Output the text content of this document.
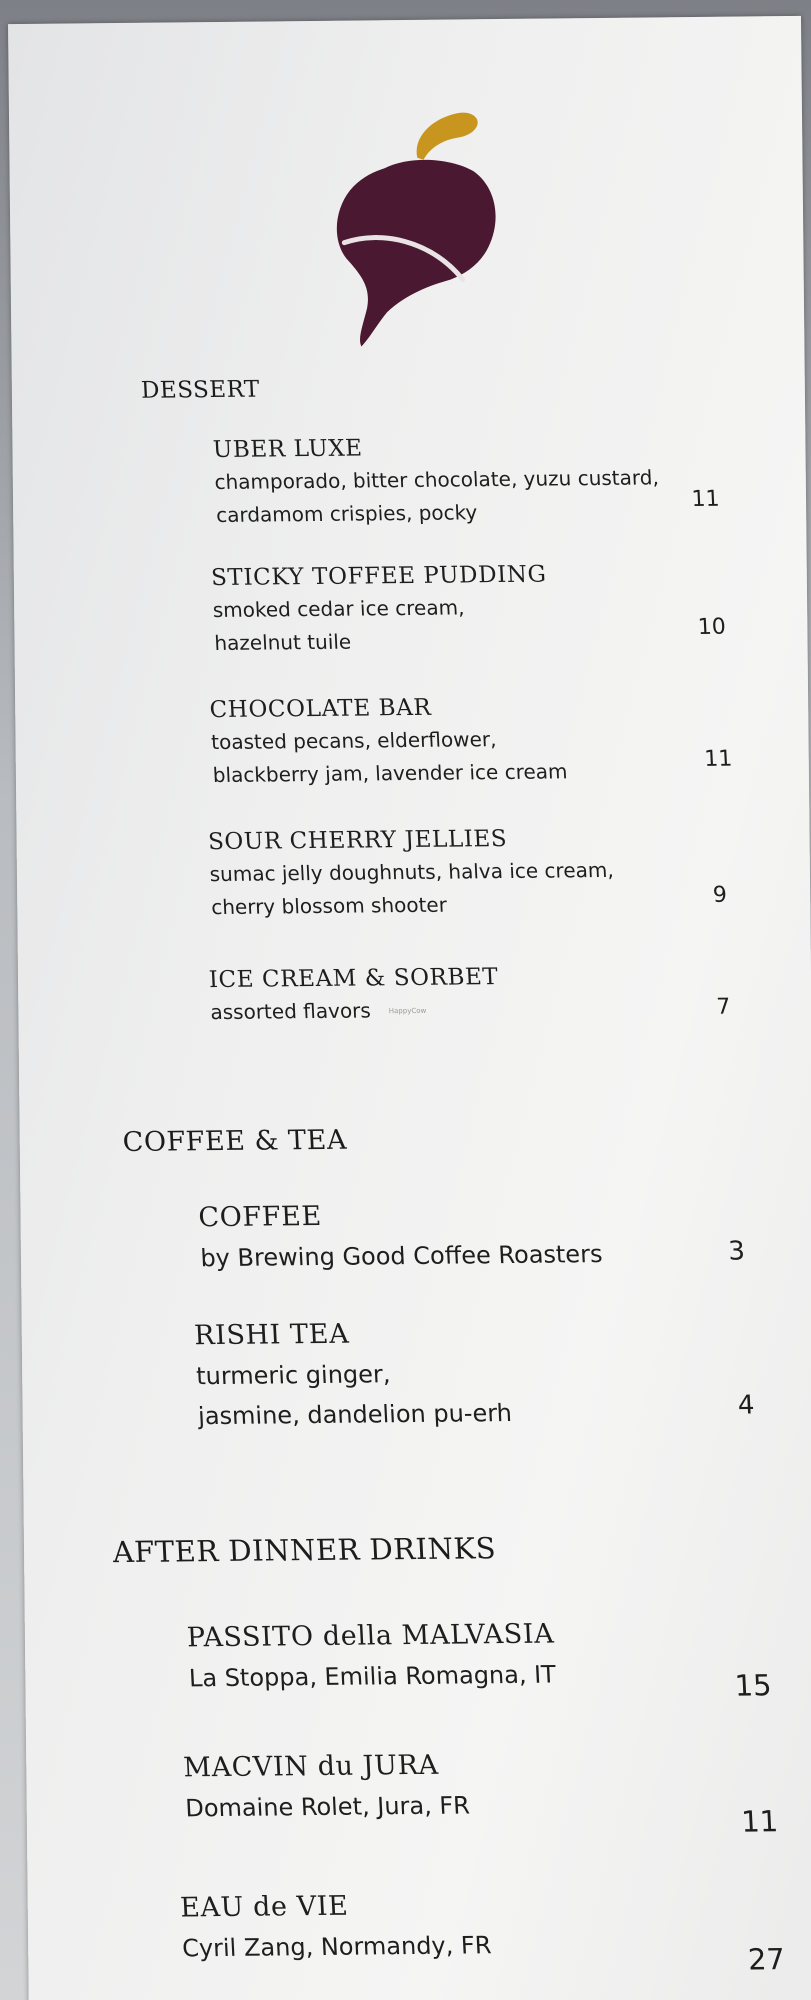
DESSERT
UBER LUXE
champorado, bitter chocolate, yuzu custard,
cardamom crispies, pocky
11
STICKY TOFFEE PUDDING
smoked cedar ice cream,
hazelnut tuile
10
CHOCOLATE BAR
toasted pecans, elderflower,
blackberry jam, lavender ice cream
11
SOUR CHERRY JELLIES
sumac jelly doughnuts, halva ice cream,
cherry blossom shooter	9
ICE CREAM & SORBET
assorted flavors HappyCow	7
COFFEE & TEA
COFFEE
by Brewing Good Coffee Roasters	3
RISHI TEA
turmeric ginger,
jasmine, dandelion pu-erh	4
AFTER DINNER DRINKS
PASSITO della MALVASIA
La Stoppa, Emilia Romagna, IT	15
MACVIN du JURA
Domaine Rolet, Jura, FR	11
EAU de VIE
Cyril Zang, Normandy, FR	27
